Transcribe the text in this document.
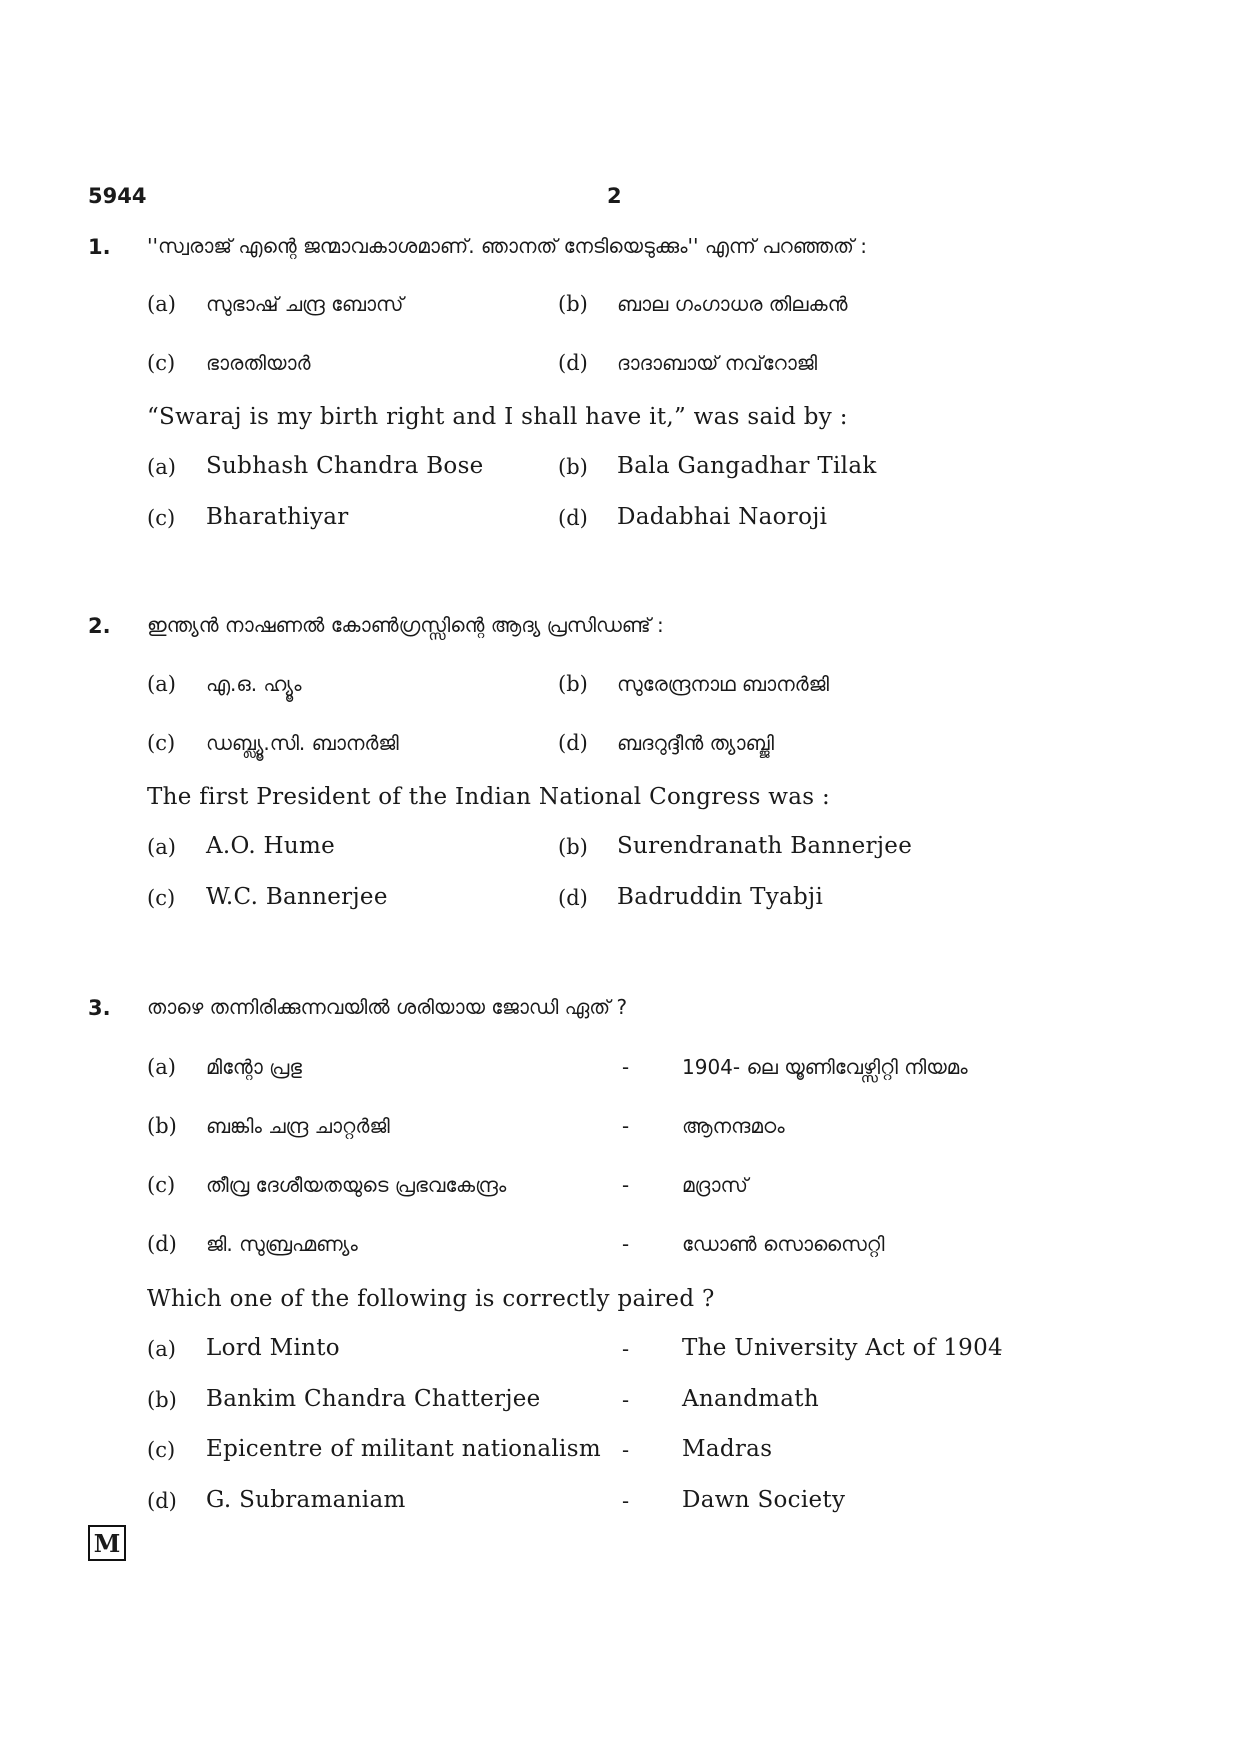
5944	2
1. ''സ്വരാജ് എന്റെ ജന്മാവകാശമാണ്. ഞാനത് നേടിയെടുക്കും'' എന്ന് പറഞ്ഞത് :
(a) സുഭാഷ് ചന്ദ്ര ബോസ്	(b) ബാല ഗംഗാധര തിലകൻ
(c) ഭാരതിയാർ	(d) ദാദാബായ് നവ്‌റോജി
“Swaraj is my birth right and I shall have it,” was said by :
(a) Subhash Chandra Bose	(b) Bala Gangadhar Tilak
(c) Bharathiyar	(d) Dadabhai Naoroji
2. ഇന്ത്യൻ നാഷണൽ കോൺഗ്രസ്സിന്റെ ആദ്യ പ്രസിഡണ്ട് :
(a) എ.ഒ. ഹ്യൂം	(b) സുരേന്ദ്രനാഥ ബാനർജി
(c) ഡബ്ല്യൂ.സി. ബാനർജി	(d) ബദറുദ്ദീൻ ത്യാബ്ജി
The first President of the Indian National Congress was :
(a) A.O. Hume	(b) Surendranath Bannerjee
(c) W.C. Bannerjee	(d) Badruddin Tyabji
3. താഴെ തന്നിരിക്കുന്നവയിൽ ശരിയായ ജോഡി ഏത് ?
(a) മിന്റോ പ്രഭു	-	1904- ലെ യൂണിവേഴ്സിറ്റി നിയമം
(b) ബങ്കിം ചന്ദ്ര ചാറ്റർജി	-	ആനന്ദമഠം
(c) തീവ്ര ദേശീയതയുടെ പ്രഭവകേന്ദ്രം	-	മദ്രാസ്
(d) ജി. സുബ്രഹ്മണ്യം	-	ഡോൺ സൊസൈറ്റി
Which one of the following is correctly paired ?
(a) Lord Minto	- The University Act of 1904
(b) Bankim Chandra Chatterjee	- Anandmath
(c) Epicentre of militant nationalism - Madras
(d) G. Subramaniam	- Dawn Society
M
